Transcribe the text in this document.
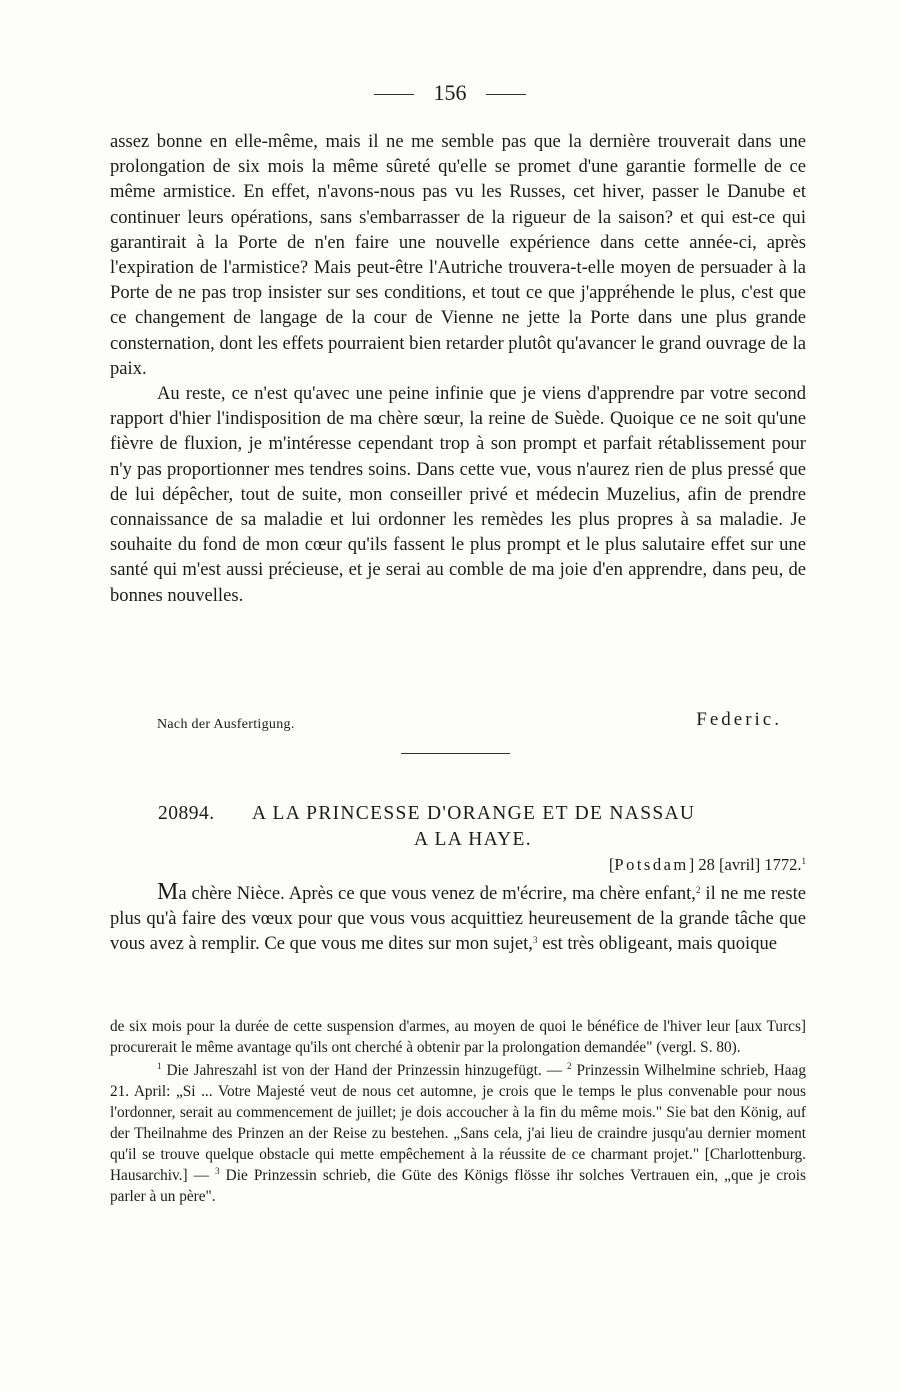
156

assez bonne en elle-même, mais il ne me semble pas que la dernière trouverait dans une prolongation de six mois la même sûreté qu'elle se promet d'une garantie formelle de ce même armistice. En effet, n'avons-nous pas vu les Russes, cet hiver, passer le Danube et continuer leurs opérations, sans s'embarrasser de la rigueur de la saison? et qui est-ce qui garantirait à la Porte de n'en faire une nouvelle expérience dans cette année-ci, après l'expiration de l'armistice? Mais peut-être l'Autriche trouvera-t-elle moyen de persuader à la Porte de ne pas trop insister sur ses conditions, et tout ce que j'appréhende le plus, c'est que ce changement de langage de la cour de Vienne ne jette la Porte dans une plus grande consternation, dont les effets pourraient bien retarder plutôt qu'avancer le grand ouvrage de la paix.

Au reste, ce n'est qu'avec une peine infinie que je viens d'apprendre par votre second rapport d'hier l'indisposition de ma chère sœur, la reine de Suède. Quoique ce ne soit qu'une fièvre de fluxion, je m'intéresse cependant trop à son prompt et parfait rétablissement pour n'y pas proportionner mes tendres soins. Dans cette vue, vous n'aurez rien de plus pressé que de lui dépêcher, tout de suite, mon conseiller privé et médecin Muzelius, afin de prendre connaissance de sa maladie et lui ordonner les remèdes les plus propres à sa maladie. Je souhaite du fond de mon cœur qu'ils fassent le plus prompt et le plus salutaire effet sur une santé qui m'est aussi précieuse, et je serai au comble de ma joie d'en apprendre, dans peu, de bonnes nouvelles.

Nach der Ausfertigung.	Federic.
20894. A LA PRINCESSE D'ORANGE ET DE NASSAU
A LA HAYE.
[Potsdam] 28 [avril] 1772.$^1$

Ma chère Nièce. Après ce que vous venez de m'écrire, ma chère enfant,$^2$ il ne me reste plus qu'à faire des vœux pour que vous vous acquittiez heureusement de la grande tâche que vous avez à remplir. Ce que vous me dites sur mon sujet,$^3$ est très obligeant, mais quoique

de six mois pour la durée de cette suspension d'armes, au moyen de quoi le bénéfice de l'hiver leur [aux Turcs] procurerait le même avantage qu'ils ont cherché à obtenir par la prolongation demandée" (vergl. S. 80).

$^1$ Die Jahreszahl ist von der Hand der Prinzessin hinzugefügt. — $^2$ Prinzessin Wilhelmine schrieb, Haag 21. April: „Si ... Votre Majesté veut de nous cet automne, je crois que le temps le plus convenable pour nous l'ordonner, serait au commencement de juillet; je dois accoucher à la fin du même mois." Sie bat den König, auf der Theilnahme des Prinzen an der Reise zu bestehen. „Sans cela, j'ai lieu de craindre jusqu'au dernier moment qu'il se trouve quelque obstacle qui mette empêchement à la réussite de ce charmant projet." [Charlottenburg. Hausarchiv.] — $^3$ Die Prinzessin schrieb, die Güte des Königs flösse ihr solches Vertrauen ein, „que je crois parler à un père".
